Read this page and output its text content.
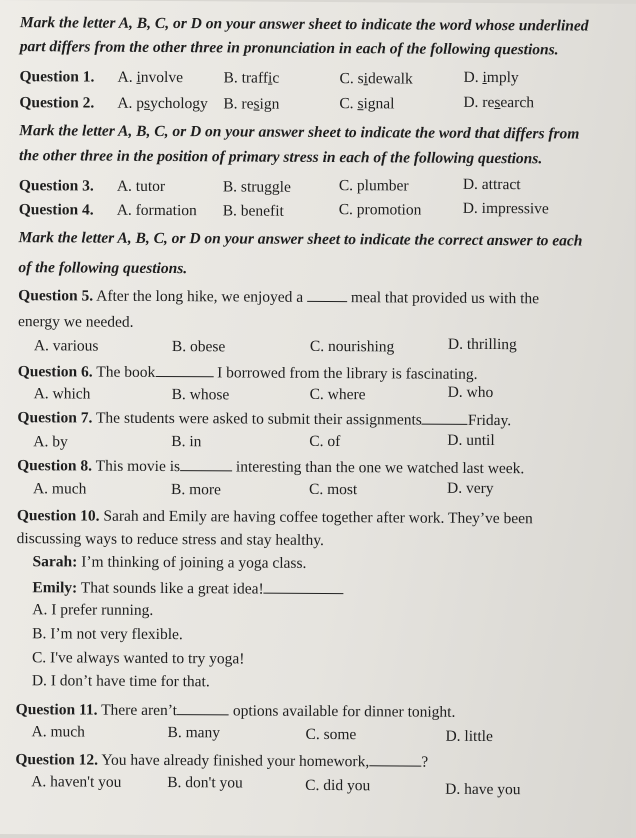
Mark the letter A, B, C, or D on your answer sheet to indicate the word whose underlined
part differs from the other three in pronunciation in each of the following questions.
Question 1. A. involve	B. traffic	C. sidewalk	D. imply
Question 2. A. psychology B. resign	C. signal	D. research
Mark the letter A, B, C, or D on your answer sheet to indicate the word that differs from
the other three in the position of primary stress in each of the following questions.
Question 3. A. tutor	B. struggle	C. plumber	D. attract
Question 4. A. formation B. benefit	C. promotion	D. impressive
Mark the letter A, B, C, or D on your answer sheet to indicate the correct answer to each
of the following questions.
Question 5. After the long hike, we enjoyed a	meal that provided us with the
energy we needed.
A. various	B. obese	C. nourishing	D. thrilling
Question 6. The book	I borrowed from the library is fascinating.
A. which	B. whose	C. where	D. who
Question 7. The students were asked to submit their assignments	Friday.
A. by	B. in	C. of	D. until
Question 8. This movie is	interesting than the one we watched last week.
A. much	B. more	C. most	D. very
Question 10. Sarah and Emily are having coffee together after work. They’ve been
discussing ways to reduce stress and stay healthy.
Sarah: I’m thinking of joining a yoga class.
Emily: That sounds like a great idea!
A. I prefer running.
B. I’m not very flexible.
C. I've always wanted to try yoga!
D. I don’t have time for that.
Question 11. There aren’t	options available for dinner tonight.
A. much	B. many	C. some	D. little
Question 12. You have already finished your homework,	?
A. haven't you	B. don't you	C. did you	D. have you
